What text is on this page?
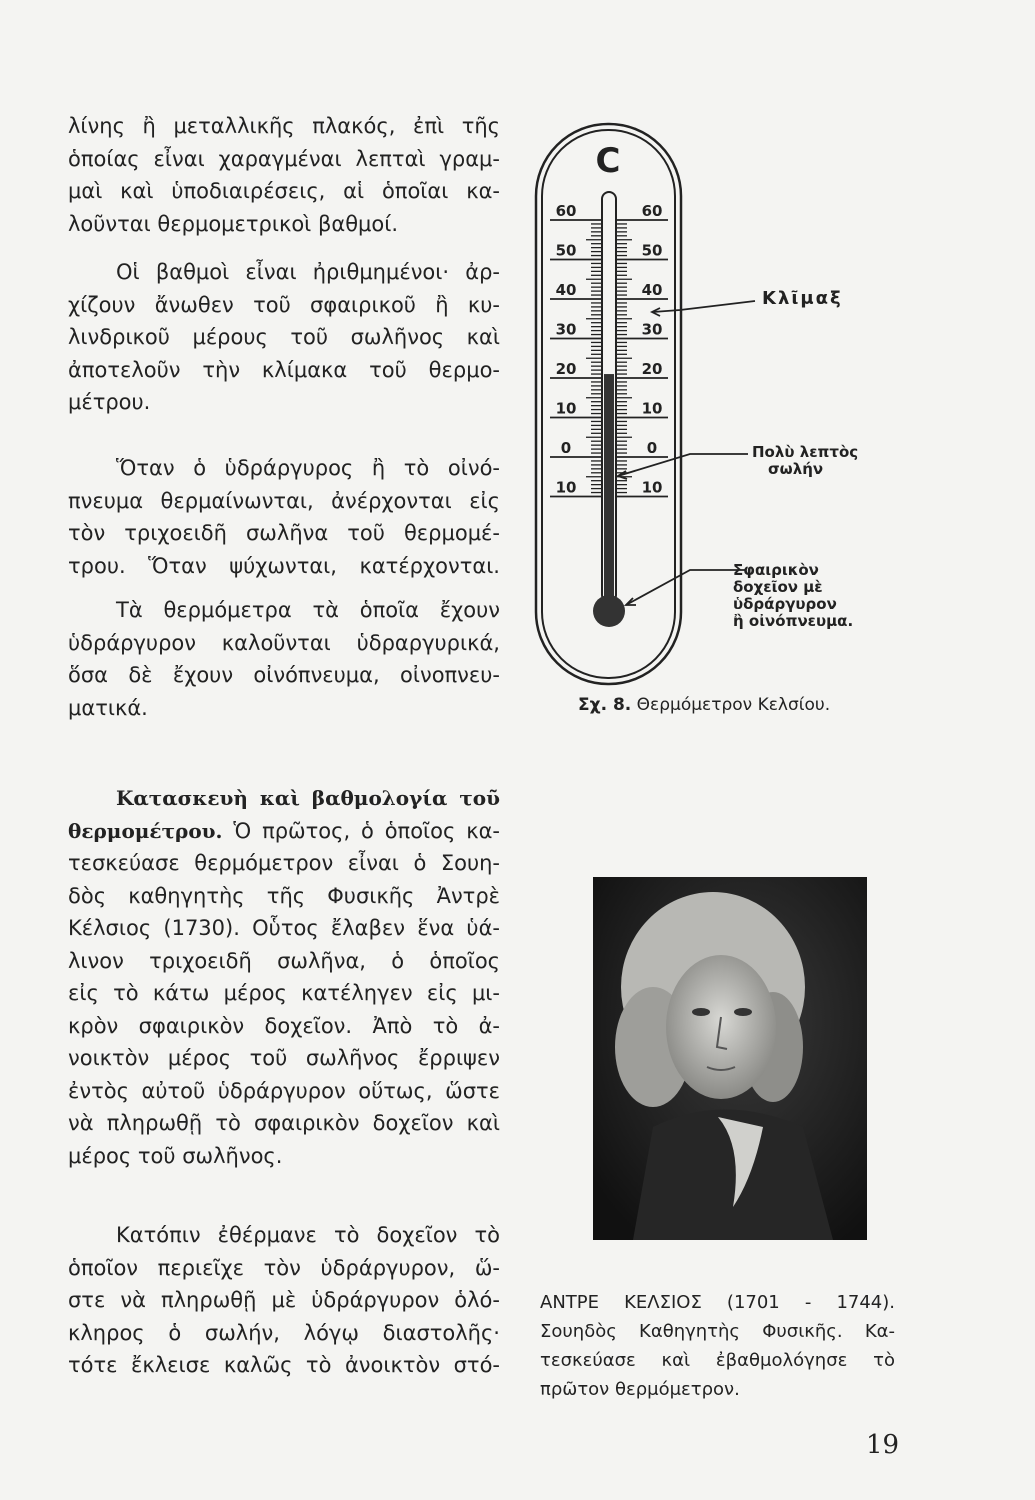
λίνης ἢ μεταλλικῆς πλακός, ἐπὶ τῆς
ὁποίας εἶναι χαραγμέναι λεπταὶ γραμ-
μαὶ καὶ ὑποδιαιρέσεις, αἱ ὁποῖαι κα-
λοῦνται θερμομετρικοὶ βαθμοί.
Οἱ βαθμοὶ εἶναι ἠριθμημένοι· ἀρ-
χίζουν ἄνωθεν τοῦ σφαιρικοῦ ἢ κυ-
λινδρικοῦ μέρους τοῦ σωλῆνος καὶ
ἀποτελοῦν τὴν κλίμακα τοῦ θερμο-
μέτρου.
Ὅταν ὁ ὑδράργυρος ἢ τὸ οἰνό-
πνευμα θερμαίνωνται, ἀνέρχονται εἰς
τὸν τριχοειδῆ σωλῆνα τοῦ θερμομέ-
τρου. Ὅταν ψύχωνται, κατέρχονται.
Τὰ θερμόμετρα τὰ ὁποῖα ἔχουν
ὑδράργυρον καλοῦνται ὑδραργυρικά,
ὅσα δὲ ἔχουν οἰνόπνευμα, οἰνοπνευ-
ματικά.
Κατασκευὴ καὶ βαθμολογία τοῦ
θερμομέτρου. Ὁ πρῶτος, ὁ ὁποῖος κα-
τεσκεύασε θερμόμετρον εἶναι ὁ Σουη-
δὸς καθηγητὴς τῆς Φυσικῆς Ἀντρὲ
Κέλσιος (1730). Οὗτος ἔλαβεν ἕνα ὑά-
λινον τριχοειδῆ σωλῆνα, ὁ ὁποῖος
εἰς τὸ κάτω μέρος κατέληγεν εἰς μι-
κρὸν σφαιρικὸν δοχεῖον. Ἀπὸ τὸ ἀ-
νοικτὸν μέρος τοῦ σωλῆνος ἔρριψεν
ἐντὸς αὐτοῦ ὑδράργυρον οὕτως, ὥστε
νὰ πληρωθῇ τὸ σφαιρικὸν δοχεῖον καὶ
μέρος τοῦ σωλῆνος.
Κατόπιν ἐθέρμανε τὸ δοχεῖον τὸ
ὁποῖον περιεῖχε τὸν ὑδράργυρον, ὥ-
στε νὰ πληρωθῇ μὲ ὑδράργυρον ὁλό-
κληρος ὁ σωλήν, λόγῳ διαστολῆς·
τότε ἔκλεισε καλῶς τὸ ἀνοικτὸν στό-
C
60	60
50	50
40	40
30	30
20	20
10	10
0	0
10	10
Κλῖμαξ
Πολὺ λεπτὸς
σωλήν
Σφαιρικὸν
δοχεῖον μὲ
ὑδράργυρον
ἢ οἰνόπνευμα.
Σχ. 8. Θερμόμετρον Κελσίου.
ΑΝΤΡΕ ΚΕΛΣΙΟΣ (1701 - 1744).
Σουηδὸς Καθηγητὴς Φυσικῆς. Κα-
τεσκεύασε καὶ ἐβαθμολόγησε τὸ
πρῶτον θερμόμετρον.
19
